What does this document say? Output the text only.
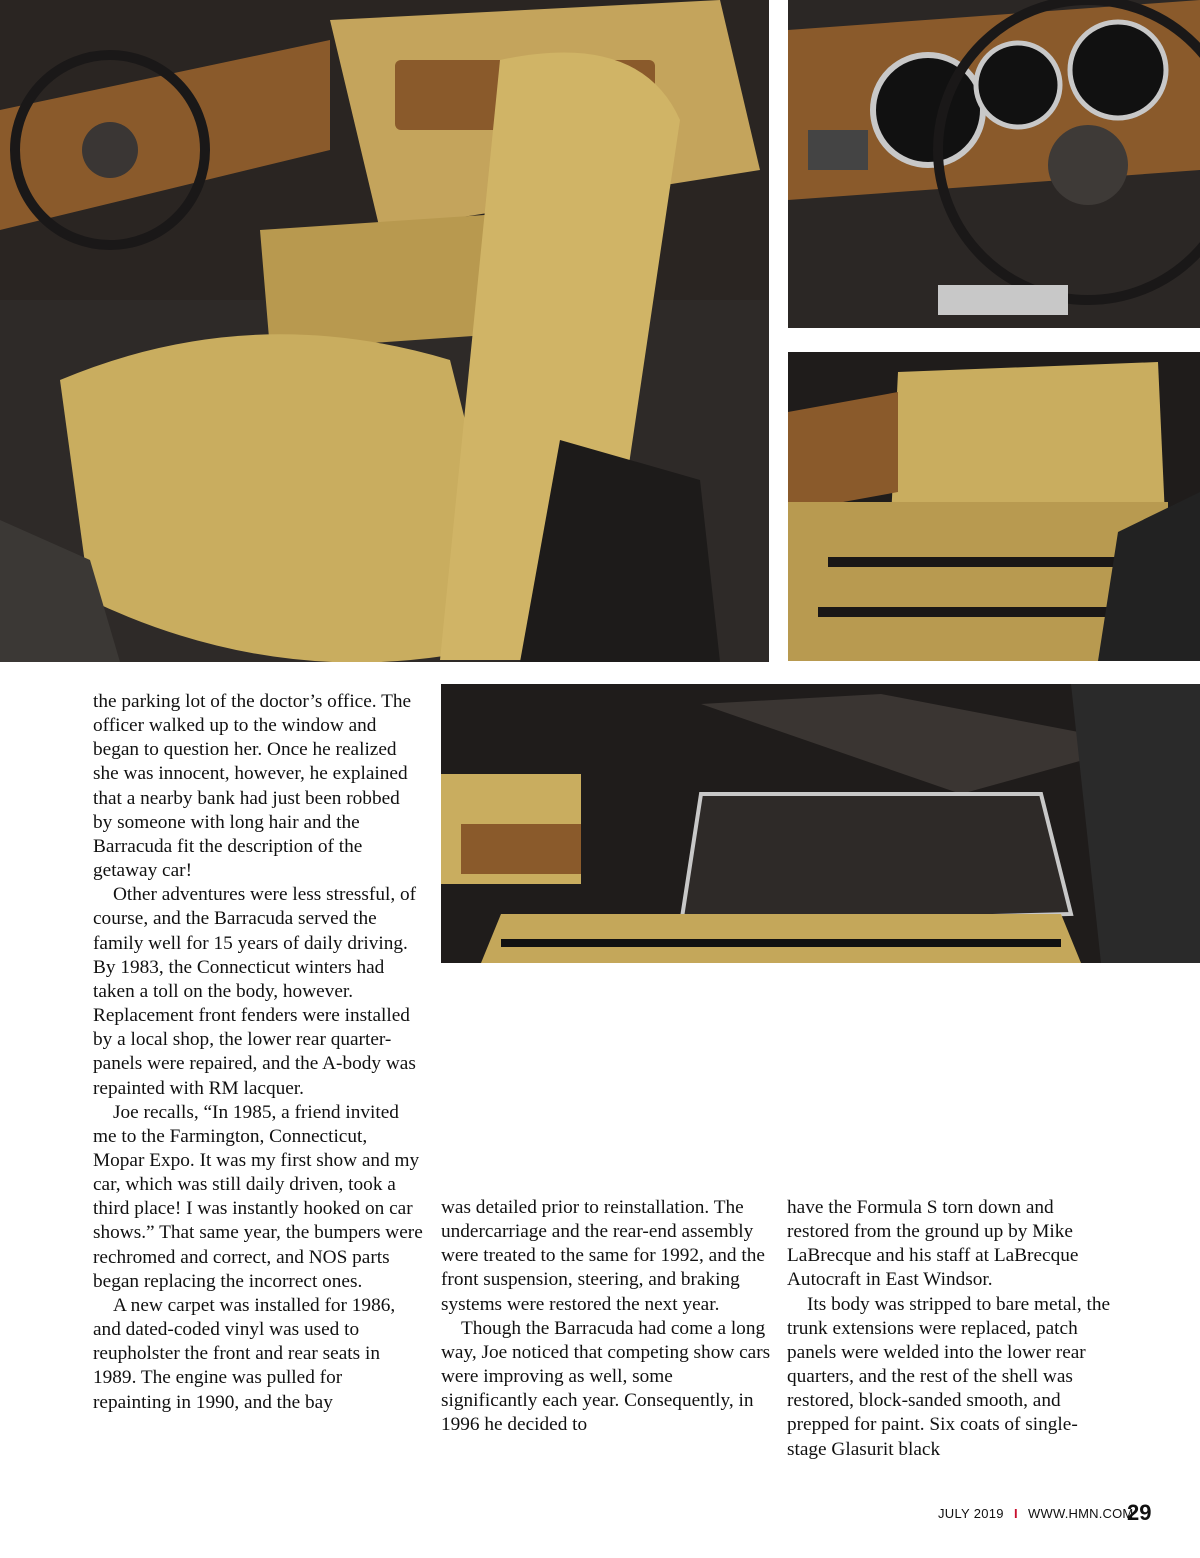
the parking lot of the doctor’s office. The officer walked up to the window and began to question her. Once he realized she was innocent, however, he explained that a nearby bank had just been robbed by someone with long hair and the Barracuda fit the description of the getaway car!

Other adventures were less stressful, of course, and the Barracuda served the family well for 15 years of daily driving. By 1983, the Connecticut winters had taken a toll on the body, however. Replacement front fenders were installed by a local shop, the lower rear quarter-panels were repaired, and the A-body was repainted with RM lacquer.

Joe recalls, “In 1985, a friend invited me to the Farmington, Connecticut, Mopar Expo. It was my first show and my car, which was still daily driven, took a third place! I was instantly hooked on car shows.” That same year, the bumpers were rechromed and correct, and NOS parts began replacing the incorrect ones.

A new carpet was installed for 1986, and dated-coded vinyl was used to reupholster the front and rear seats in 1989. The engine was pulled for repainting in 1990, and the bay

was detailed prior to reinstallation. The undercarriage and the rear-end assembly were treated to the same for 1992, and the front suspension, steering, and braking systems were restored the next year.

Though the Barracuda had come a long way, Joe noticed that competing show cars were improving as well, some significantly each year. Consequently, in 1996 he decided to

have the Formula S torn down and restored from the ground up by Mike LaBrecque and his staff at LaBrecque Autocraft in East Windsor.

Its body was stripped to bare metal, the trunk extensions were replaced, patch panels were welded into the lower rear quarters, and the rest of the shell was restored, block-sanded smooth, and prepped for paint. Six coats of single-stage Glasurit black

JULY 2019 I WWW.HMN.COM
29
